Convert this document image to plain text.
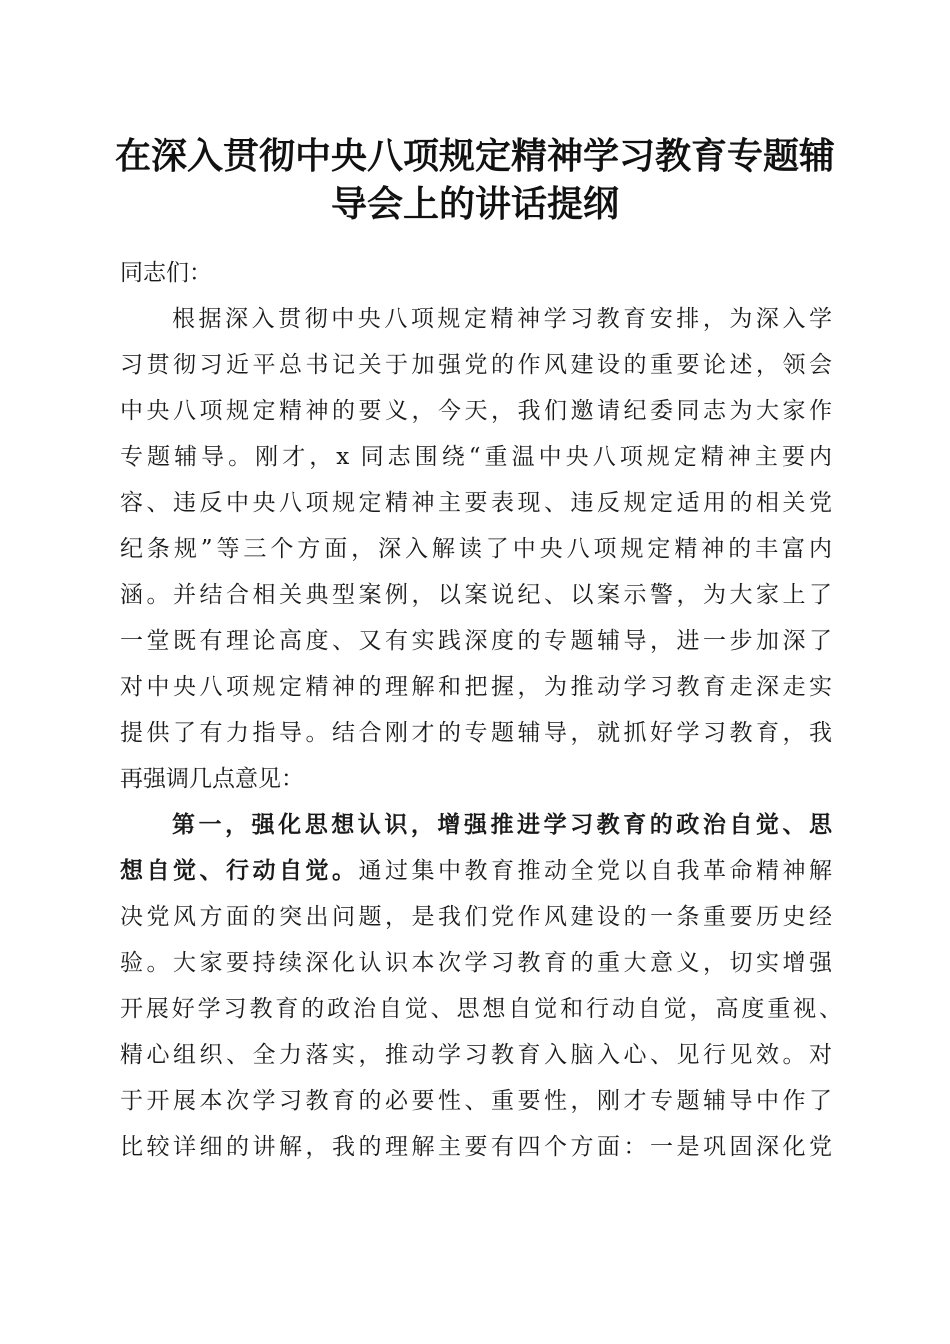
在深入贯彻中央八项规定精神学习教育专题辅
导会上的讲话提纲
同志们：
根据深入贯彻中央八项规定精神学习教育安排，为深入学
习贯彻习近平总书记关于加强党的作风建设的重要论述，领会
中央八项规定精神的要义，今天，我们邀请纪委同志为大家作
专题辅导。刚才，x 同志围绕“重温中央八项规定精神主要内
容、违反中央八项规定精神主要表现、违反规定适用的相关党
纪条规”等三个方面，深入解读了中央八项规定精神的丰富内
涵。并结合相关典型案例，以案说纪、以案示警，为大家上了
一堂既有理论高度、又有实践深度的专题辅导，进一步加深了
对中央八项规定精神的理解和把握，为推动学习教育走深走实
提供了有力指导。结合刚才的专题辅导，就抓好学习教育，我
再强调几点意见：
第一，强化思想认识，增强推进学习教育的政治自觉、思
想自觉、行动自觉。通过集中教育推动全党以自我革命精神解
决党风方面的突出问题，是我们党作风建设的一条重要历史经
验。大家要持续深化认识本次学习教育的重大意义，切实增强
开展好学习教育的政治自觉、思想自觉和行动自觉，高度重视、
精心组织、全力落实，推动学习教育入脑入心、见行见效。对
于开展本次学习教育的必要性、重要性，刚才专题辅导中作了
比较详细的讲解，我的理解主要有四个方面：一是巩固深化党
